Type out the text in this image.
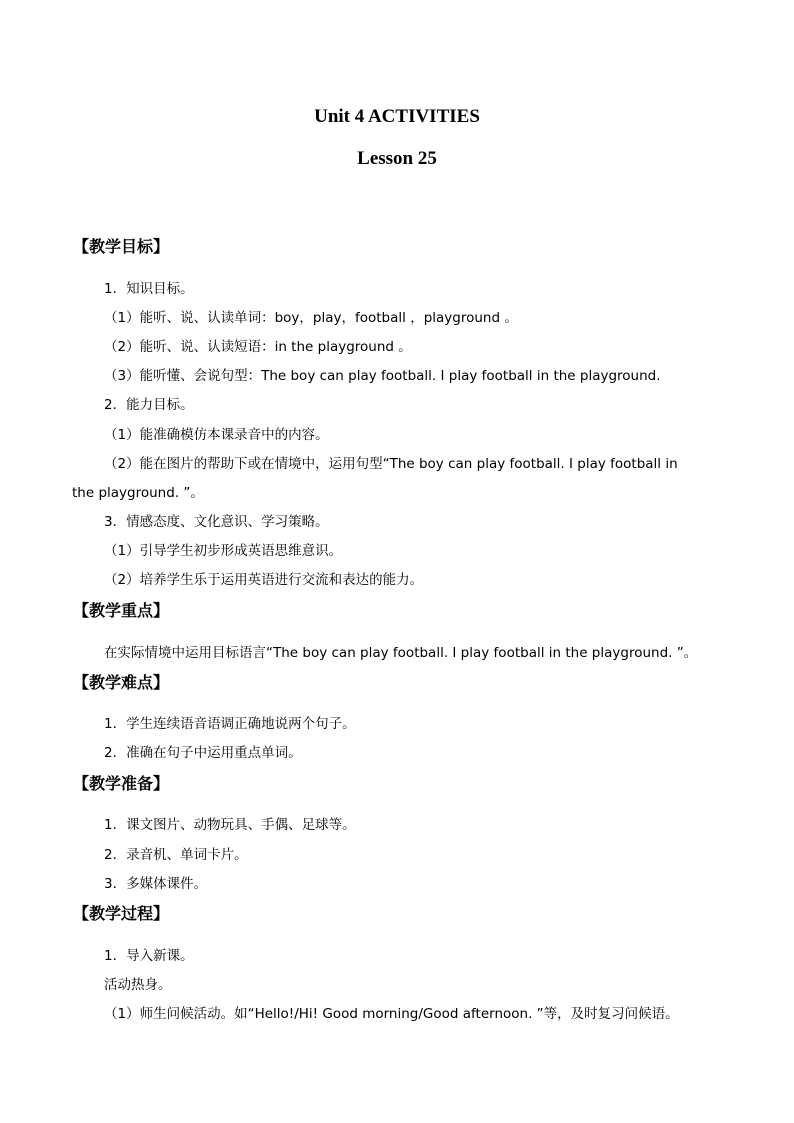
Unit 4 ACTIVITIES
Lesson 25
【教学目标】
1．知识目标。
（1）能听、说、认读单词：boy，play，football ，playground 。
（2）能听、说、认读短语：in the playground 。
（3）能听懂、会说句型：The boy can play football. I play football in the playground.
2．能力目标。
（1）能准确模仿本课录音中的内容。
（2）能在图片的帮助下或在情境中，运用句型“The boy can play football. I play football in
the playground. ”。
3．情感态度、文化意识、学习策略。
（1）引导学生初步形成英语思维意识。
（2）培养学生乐于运用英语进行交流和表达的能力。
【教学重点】
在实际情境中运用目标语言“The boy can play football. I play football in the playground. ”。
【教学难点】
1．学生连续语音语调正确地说两个句子。
2．准确在句子中运用重点单词。
【教学准备】
1．课文图片、动物玩具、手偶、足球等。
2．录音机、单词卡片。
3．多媒体课件。
【教学过程】
1．导入新课。
活动热身。
（1）师生问候活动。如“Hello!/Hi! Good morning/Good afternoon. ”等，及时复习问候语。
